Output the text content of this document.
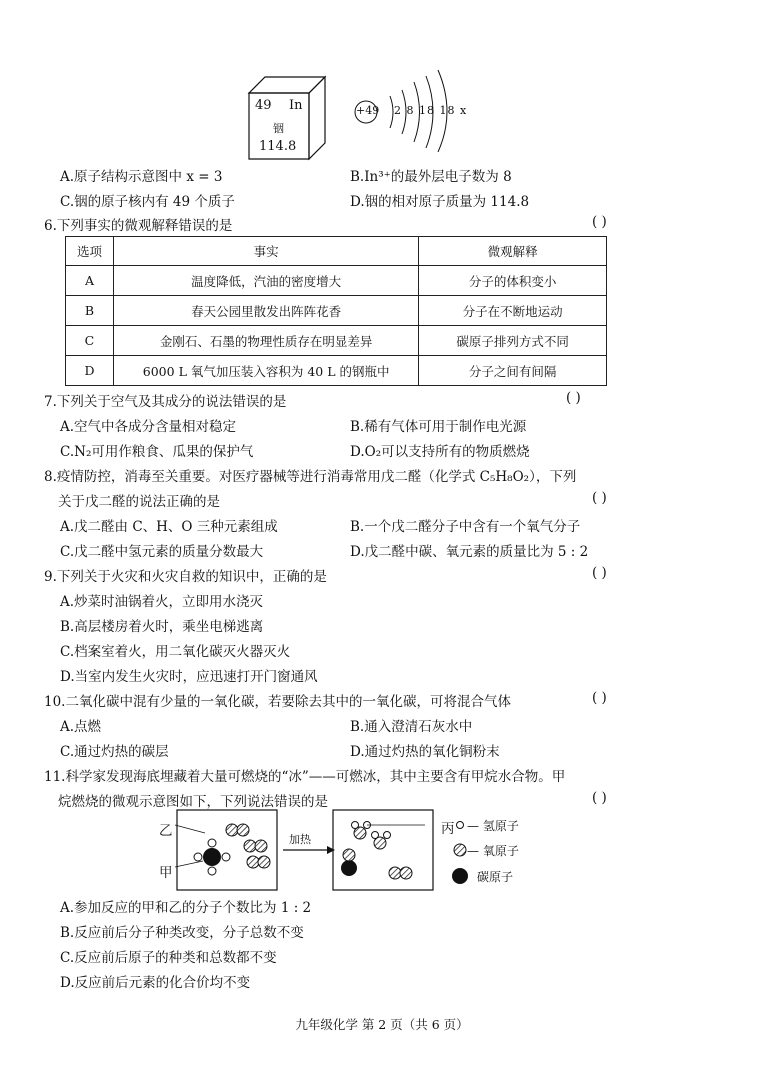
49 In
铟
114.8
+49 2 8 18 18 x
A.原子结构示意图中 x = 3	B.In³⁺的最外层电子数为 8
C.铟的原子核内有 49 个质子	D.铟的相对原子质量为 114.8
6.下列事实的微观解释错误的是	( )
选项	事实	微观解释
A	温度降低，汽油的密度增大	分子的体积变小
B	春天公园里散发出阵阵花香	分子在不断地运动
C	金刚石、石墨的物理性质存在明显差异	碳原子排列方式不同
D	6000 L 氧气加压装入容积为 40 L 的钢瓶中	分子之间有间隔
7.下列关于空气及其成分的说法错误的是	( )
A.空气中各成分含量相对稳定	B.稀有气体可用于制作电光源
C.N₂可用作粮食、瓜果的保护气	D.O₂可以支持所有的物质燃烧
8.疫情防控，消毒至关重要。对医疗器械等进行消毒常用戊二醛（化学式 C₅H₈O₂），下列
关于戊二醛的说法正确的是	( )
A.戊二醛由 C、H、O 三种元素组成	B.一个戊二醛分子中含有一个氧气分子
C.戊二醛中氢元素的质量分数最大	D.戊二醛中碳、氧元素的质量比为 5 : 2
9.下列关于火灾和火灾自救的知识中，正确的是	( )
A.炒菜时油锅着火，立即用水浇灭
B.高层楼房着火时，乘坐电梯逃离
C.档案室着火，用二氧化碳灭火器灭火
D.当室内发生火灾时，应迅速打开门窗通风
10.二氧化碳中混有少量的一氧化碳，若要除去其中的一氧化碳，可将混合气体	( )
A.点燃	B.通入澄清石灰水中
C.通过灼热的碳层	D.通过灼热的氧化铜粉末
11.科学家发现海底埋藏着大量可燃烧的“冰”——可燃冰，其中主要含有甲烷水合物。甲
烷燃烧的微观示意图如下，下列说法错误的是	( )
乙
甲
加热
丙 — 氢原子
— 氧原子
碳原子
A.参加反应的甲和乙的分子个数比为 1 : 2
B.反应前后分子种类改变，分子总数不变
C.反应前后原子的种类和总数都不变
D.反应前后元素的化合价均不变
九年级化学 第 2 页（共 6 页）
